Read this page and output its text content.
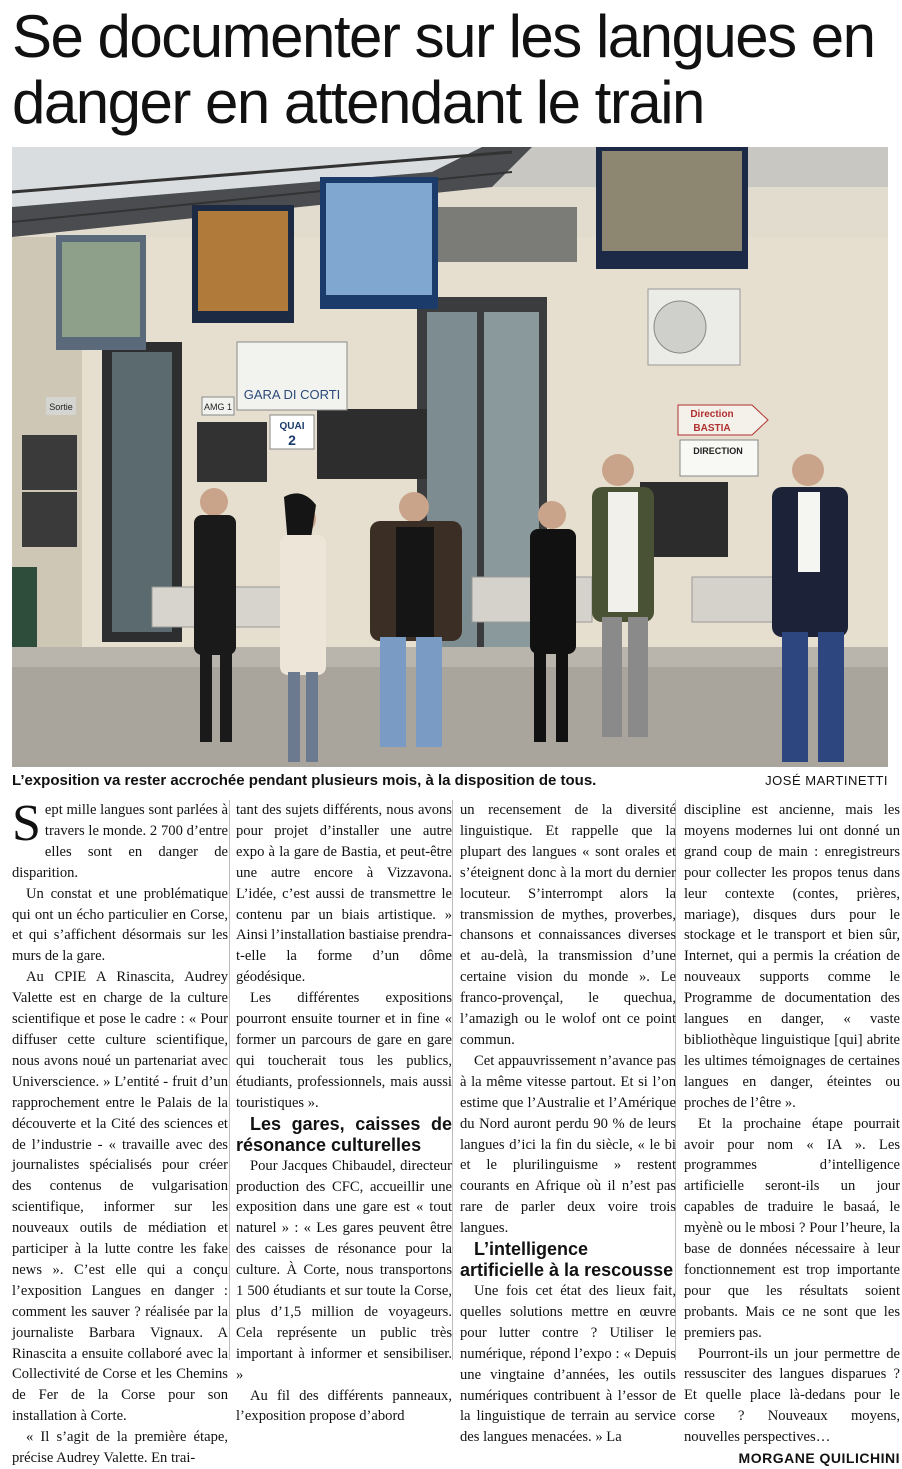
Se documenter sur les langues en danger en attendant le train
GARA DI CORTI
QUAI
2
AMG 1
Sortie
Direction
BASTIA
DIRECTION
L’exposition va rester accrochée pendant plusieurs mois, à la disposition de tous.	JOSÉ MARTINETTI

Sept mille langues sont parlées à travers le monde. 2 700 d’entre elles sont en danger de disparition.

Un constat et une problématique qui ont un écho particulier en Corse, et qui s’affichent désormais sur les murs de la gare.

Au CPIE A Rinascita, Audrey Valette est en charge de la culture scientifique et pose le cadre : « Pour diffuser cette culture scientifique, nous avons noué un partenariat avec Universcience. » L’entité - fruit d’un rapprochement entre le Palais de la découverte et la Cité des sciences et de l’industrie - « travaille avec des journalistes spécialisés pour créer des contenus de vulgarisation scientifique, informer sur les nouveaux outils de médiation et participer à la lutte contre les fake news ». C’est elle qui a conçu l’exposition Langues en danger : comment les sauver ? réalisée par la journaliste Barbara Vignaux. A Rinascita a ensuite collaboré avec la Collectivité de Corse et les Chemins de Fer de la Corse pour son installation à Corte.

« Il s’agit de la première étape, précise Audrey Valette. En trai-

tant des sujets différents, nous avons pour projet d’installer une autre expo à la gare de Bastia, et peut-être une autre encore à Vizzavona. L’idée, c’est aussi de transmettre le contenu par un biais artistique. » Ainsi l’installation bastiaise prendra-t-elle la forme d’un dôme géodésique.

Les différentes expositions pourront ensuite tourner et in fine « former un parcours de gare en gare qui toucherait tous les publics, étudiants, professionnels, mais aussi touristiques ».

Les gares, caisses de résonance culturelles

Pour Jacques Chibaudel, directeur production des CFC, accueillir une exposition dans une gare est « tout naturel » : « Les gares peuvent être des caisses de résonance pour la culture. À Corte, nous transportons 1 500 étudiants et sur toute la Corse, plus d’1,5 million de voyageurs. Cela représente un public très important à informer et sensibiliser. »

Au fil des différents panneaux, l’exposition propose d’abord

un recensement de la diversité linguistique. Et rappelle que la plupart des langues « sont orales et s’éteignent donc à la mort du dernier locuteur. S’interrompt alors la transmission de mythes, proverbes, chansons et connaissances diverses et au-delà, la transmission d’une certaine vision du monde ». Le franco-provençal, le quechua, l’amazigh ou le wolof ont ce point commun.

Cet appauvrissement n’avance pas à la même vitesse partout. Et si l’on estime que l’Australie et l’Amérique du Nord auront perdu 90 % de leurs langues d’ici la fin du siècle, « le bi et le plurilinguisme » restent courants en Afrique où il n’est pas rare de parler deux voire trois langues.

L’intelligence artificielle à la rescousse

Une fois cet état des lieux fait, quelles solutions mettre en œuvre pour lutter contre ? Utiliser le numérique, répond l’expo : « Depuis une vingtaine d’années, les outils numériques contribuent à l’essor de la linguistique de terrain au service des langues menacées. » La

discipline est ancienne, mais les moyens modernes lui ont donné un grand coup de main : enregistreurs pour collecter les propos tenus dans leur contexte (contes, prières, mariage), disques durs pour le stockage et le transport et bien sûr, Internet, qui a permis la création de nouveaux supports comme le Programme de documentation des langues en danger, « vaste bibliothèque linguistique [qui] abrite les ultimes témoignages de certaines langues en danger, éteintes ou proches de l’être ».

Et la prochaine étape pourrait avoir pour nom « IA ». Les programmes d’intelligence artificielle seront-ils un jour capables de traduire le basaá, le myènè ou le mbosi ? Pour l’heure, la base de données nécessaire à leur fonctionnement est trop importante pour que les résultats soient probants. Mais ce ne sont que les premiers pas.

Pourront-ils un jour permettre de ressusciter des langues disparues ? Et quelle place là-dedans pour le corse ? Nouveaux moyens, nouvelles perspectives…

MORGANE QUILICHINI
